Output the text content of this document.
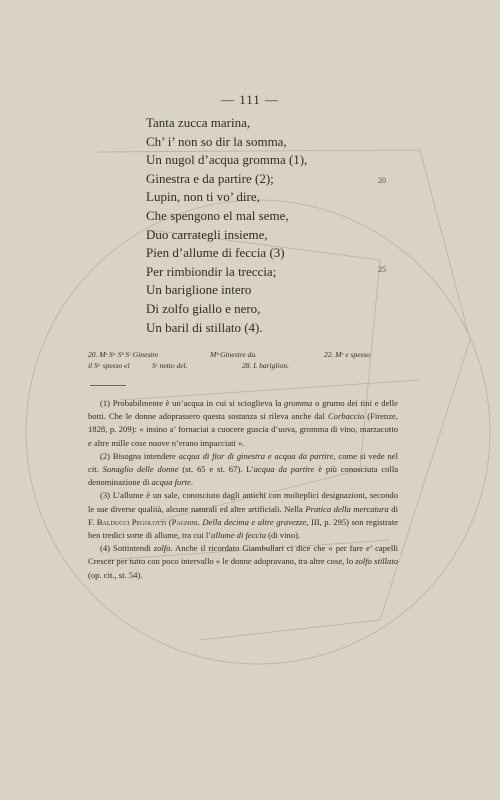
— 111 —
Tanta zucca marina,
Ch’ i’ non so dir la somma,
Un nugol d’acqua gromma (1),
Ginestra e da partire (2);
Lupin, non ti vo’ dire,
Che spengono el mal seme,
Duo carrategli insieme,
Pien d’allume di feccia (3)
Per rimbiondir la treccia;
Un bariglione intero
Di zolfo giallo e nero,
Un baril di stillato (4).
20
25
20. Mˢ Sᵃ Sᵇ Sᶜ Ginestre	Mᵇ Ginestre da.	22. Mᶜ e spesso
il Sᵃ spesso el	Sᶜ netto del.	28. L bariglion.

(1) Probabilmente è un’acqua in cui si scioglieva la gromma o grumo dei tini e delle botti. Che le donne adoprassero questa sostanza si rileva anche dal Corbaccio (Firenze, 1828, p. 209): « insino a’ fornaciai a cuocere guscia d’uova, gromma di vino, marzacotto e altre mille cose nuove n’erano impacciati ».

(2) Bisogna intendere acqua di fior di ginestra e acqua da partire, come si vede nel cit. Sonaglio delle donne (st. 65 e st. 67). L’acqua da partire è più conosciuta colla denominazione di acqua forte.

(3) L’allume è un sale, conosciuto dagli antichi con molteplici designazioni, secondo le sue diverse qualità, alcune naturali ed altre artificiali. Nella Pratica della mercatura di F. Balducci Pegolotti (Pagnini. Della decima e altre gravezze, III, p. 295) son registrate ben tredici sorte di allume, tra cui l’allume di feccia (di vino).

(4) Sottintendi zolfo. Anche il ricordato Giambullari ci dice che « per fare e’ capelli Crescer per tutto con poco intervallo » le donne adopravano, tra altre cose, lo zolfo stillato (op. cit., st. 54).
